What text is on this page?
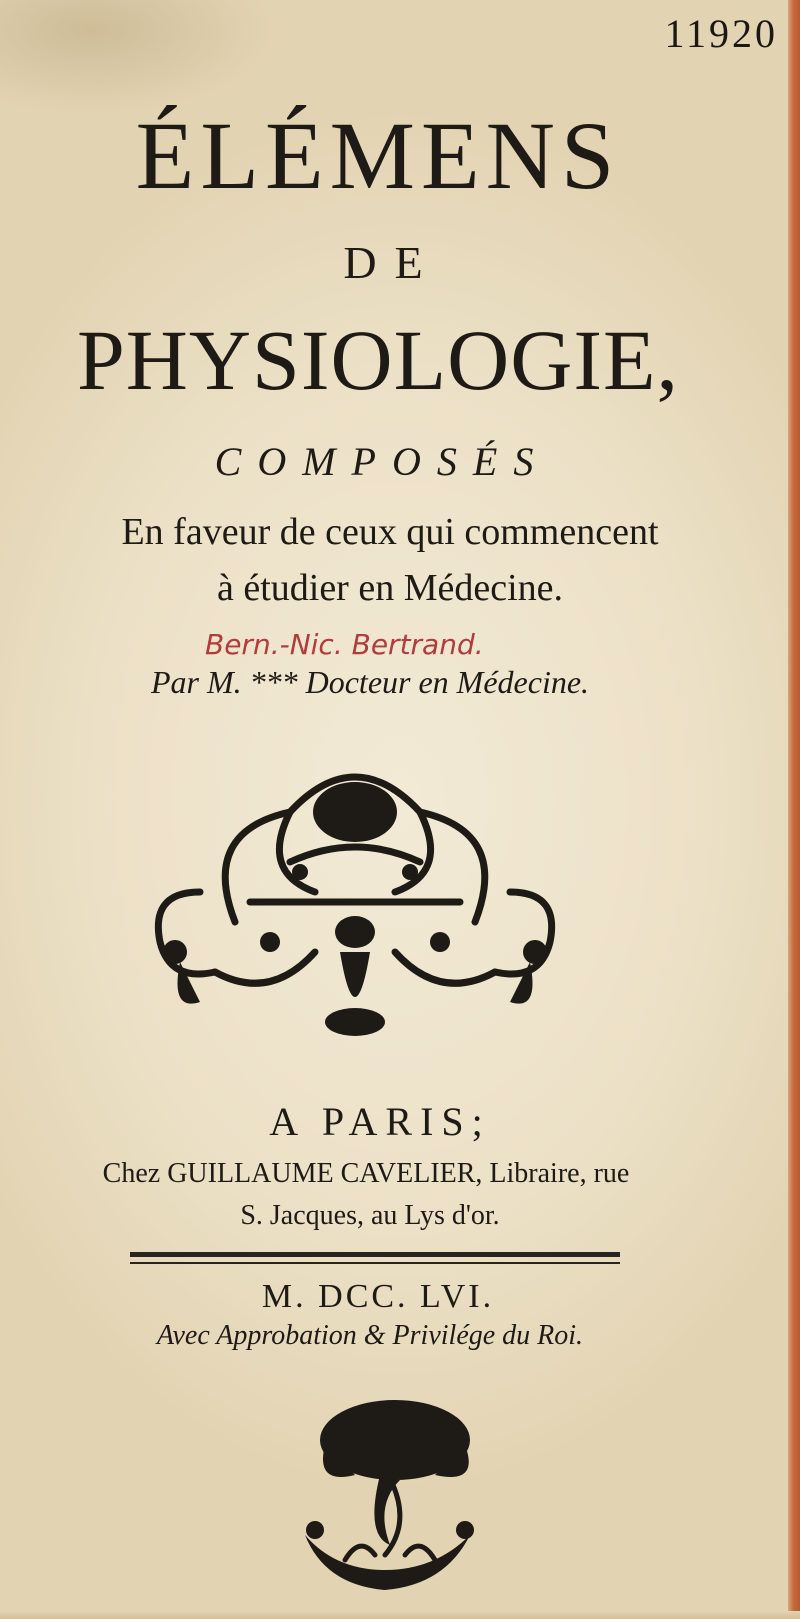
11920
ÉLÉMENS
DE
PHYSIOLOGIE,
COMPOSÉS
En faveur de ceux qui commencent
à étudier en Médecine.
Bern.-Nic. Bertrand.
Par M. *** Docteur en Médecine.
A PARIS;
Chez GUILLAUME CAVELIER, Libraire, rue
S. Jacques, au Lys d'or.
M. DCC. LVI.
Avec Approbation & Privilége du Roi.
